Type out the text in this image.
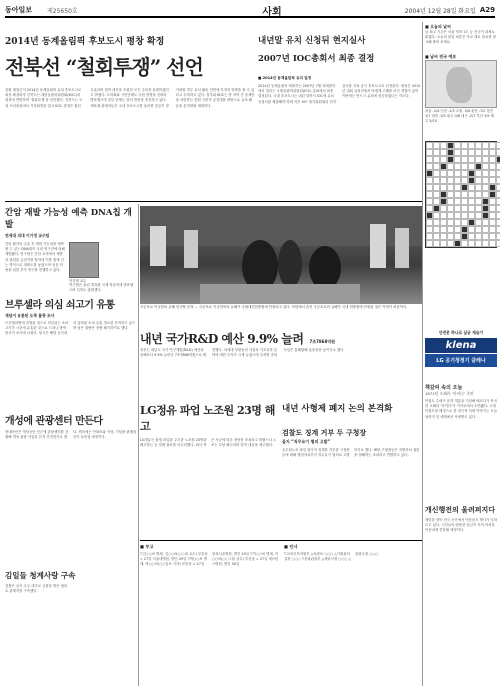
동아일보	제25650호	사회	2004년 12월 28일 화요일 A29
2014년 동계올림픽 후보도시 평창 확정
전북선 “철회투쟁” 선언
강원 평창군이 2014년 동계올림픽 유치 후보도시로 최종 확정되자 전북도는 대한올림픽위원회(KOC)의 결정에 반발하며 ‘철회투쟁’을 선언했다. 전북도는 도청 브리핑룸에서 기자회견을 열고 KOC 결정은 원천 무효라며 법적 대응을 포함한 모든 수단을 동원하겠다고 밝혔다. 도의회와 시민단체도 규탄 성명을 잇따라 발표했으며 일부 단체는 항의 방문을 추진하고 있다. 체육계 관계자들은 국내 후보도시를 둘러싼 갈등이 장기화할 경우 유치 활동 전반에 부정적 영향을 줄 수 있다고 우려하고 있다. 정부와 KOC는 양 지역 간 중재안을 마련하는 한편 국민적 공감대를 바탕으로 유치 활동을 본격화할 계획이다.
내년말 유치 신청뒤 현지실사
2007년 IOC총회서 최종 결정
■ 2014년 동계올림픽 유치 일정
2014년 동계올림픽 개최지는 2007년 7월 과테말라에서 열리는 국제올림픽위원회(IOC) 총회에서 최종 결정된다. 국내 후보도시는 내년 말까지 IOC에 유치 신청서를 제출해야 하며 이후 IOC 평가위원회의 현지 실사를 거쳐 공식 후보도시로 선정된다. 평창은 2010년 대회 유치전에서 아쉽게 고배를 마신 경험이 있어 이번에는 반드시 유치에 성공하겠다는 각오다.
■ 오늘의 날씨
낮 최고 기온은 서울 영하 1도 등 전국이 대체로 맑겠다. 오늘의 낱말 퍼즐은 가로 세로 열쇠를 참고해 풀어 보세요.
■ 날씨 전국 예보
서울 -1/4 인천 -1/3 수원 -3/4 춘천 -7/2 강릉 1/7 대전 -3/5 광주 0/6 대구 -2/7 부산 2/9 제주 5/10
간암 재발 가능성 예측 DNA칩 개발
연세대 의대 이기영 교수팀
간암 환자의 수술 후 재발 가능성을 예측할 수 있는 DNA칩이 국내 연구진에 의해 개발됐다. 연구팀은 간암 조직에서 재발과 관련된 유전자를 찾아내 이를 칩에 심는 방식으로 정확도를 높였으며 임상 적용을 위한 추가 연구를 진행하고 있다.
이기영 교수
연구팀은 관련 결과를 국제 학술지에 발표했으며 특허도 출원했다.
국군포로 이규한씨 유해 한국땅 묻혀 … 국군포로 이규한씨의 유해가 국립대전현충원에 안장되고 있다. 북한에서 숨진 국군포로의 유해가 국내 현충원에 안장된 것은 이번이 처음이다.
브루셀라 의심 쇠고기 유통
재넘어 유통된 도축 물량 조사
브루셀라병에 감염된 것으로 의심되는 소의 고기가 시중에 유통된 것으로 드러나 방역 당국이 조사에 나섰다. 당국은 해당 농가에서 출하된 소의 유통 경로를 추적하고 있으며 남은 물량은 전량 폐기하기로 했다.
내년 국가R&D 예산 9.9% 늘려 7조7868억원
정부는 내년도 국가 연구개발(R&D) 예산을 올해보다 9.9% 늘어난 7조7868억원으로 확정했다. 차세대 성장동력 사업과 기초과학 분야에 대한 투자가 크게 늘었으며 부처별 중복 사업은 통폐합해 효율성을 높이기로 했다.
안전문 하나로 살균 제습기
klena
LG 공기청정기 클레나
책갈피 속의 오늘
1871년 오페라 ‘아이다’ 초연
이집트 수에즈 운하 개통을 기념해 베르디가 작곡한 오페라 ‘아이다’가 카이로에서 초연됐다. 고대 이집트를 배경으로 한 비극적 사랑 이야기는 오늘날까지 전 세계에서 사랑받고 있다.
개성에 관광센터 만든다
현대아산은 개성공단 인근에 관광센터를 건립해 개성 관광 사업을 본격 추진하기로 했다. 센터에는 안내소와 식당, 기념품 판매점 등이 들어설 예정이다.
LG정유 파업 노조원 23명 해고
LG정유는 불법 파업을 주도한 노조원 23명을 해고하는 등 징계 절차를 마무리했다. 회사 측은 사규에 따른 정당한 조치라고 밝혔으나 노조는 부당 해고라며 법적 대응을 예고했다.
내년 사형제 폐지 논의 본격화
검찰도 징계 거부 두 구청장
을지 “직무유기 혐의 고발”
공무원노조 파업 참가자 징계를 거부한 구청장들에 대해 행정자치부가 직무유기 혐의로 고발하기로 했다. 해당 구청장들은 지방자치 권한을 침해하는 조치라고 반발하고 있다.
개신행전의 울려퍼지다
세밑을 맞아 전국 곳곳에서 이웃돕기 행사가 잇따르고 있다. 시민들의 따뜻한 성금이 모여 어려운 이웃에게 전달될 예정이다.
■ 부고
▽김○○씨 별세, 김○○씨(○○대 교수) 부친상 = 27일 서울대병원, 발인 29일 ▽박○○씨 별세, 박○○씨(○○일보 기자) 모친상 = 27일 삼성서울병원, 발인 29일 ▽이○○씨 별세, 이○○씨(○○그룹 상무) 부친상 = 27일 세브란스병원, 발인 30일
■ 인사
▽교육인적자원부 △차관보 ○○○ △기획관리실장 ○○○ ▽문화관광부 △체육국장 ○○○ △관광국장 ○○○
김일들 청계사랑 구속
검찰은 공사 수주 대가로 금품을 받은 혐의로 관계자를 구속했다.
